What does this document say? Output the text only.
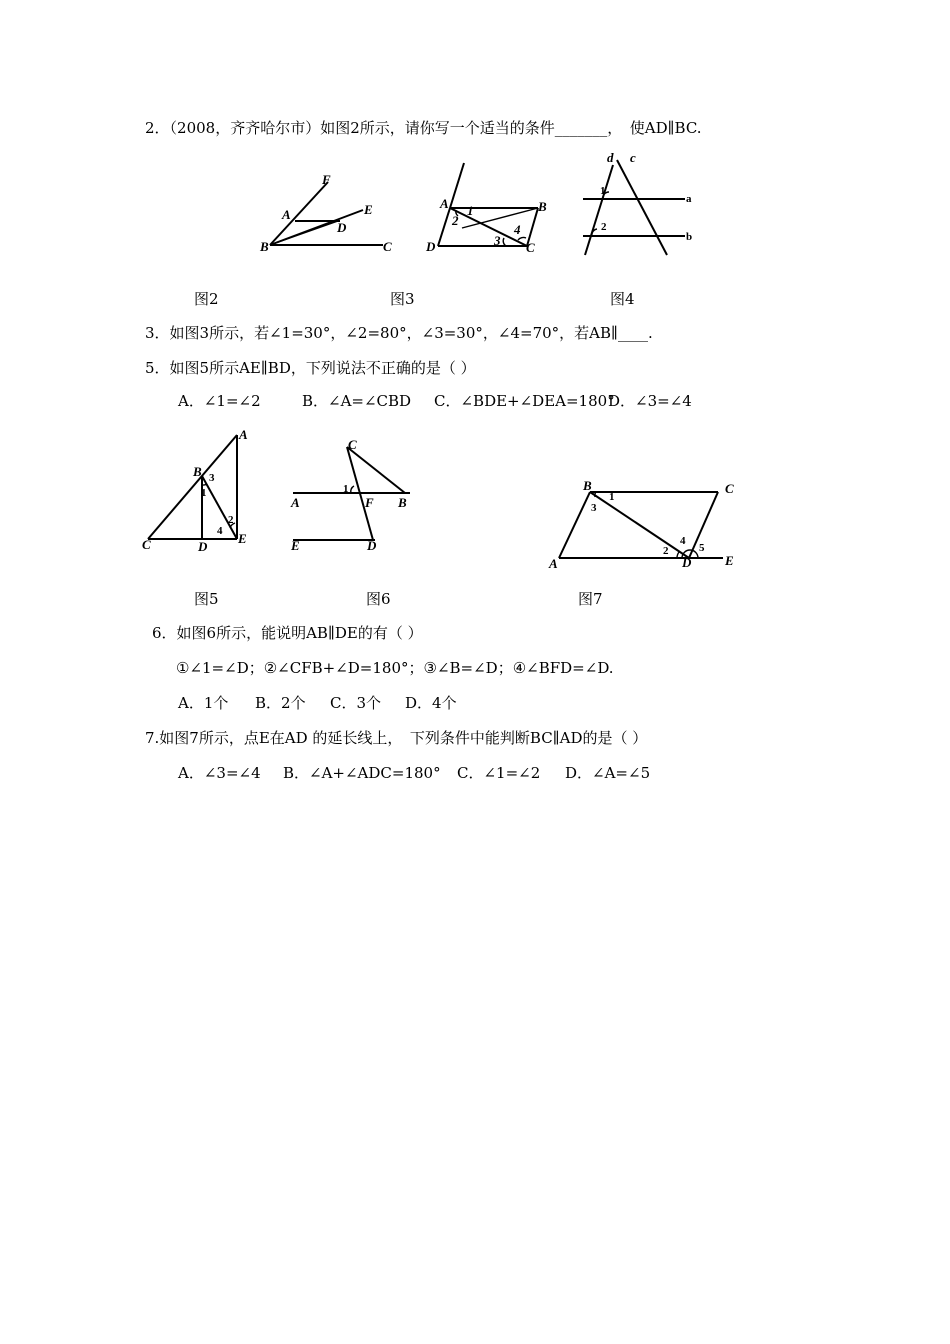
2．（2008，齐齐哈尔市）如图2所示，请你写一个适当的条件_______，　使AD∥BC.
F
A	E
D
B	C
A	B
C
D
1
2
3
4
d c
a
b
1
2
图2	图3	图4
3．如图3所示，若∠1=30°，∠2=80°，∠3=30°，∠4=70°，若AB∥____.
5．如图5所示AE∥BD，下列说法不正确的是（ ）
A．∠1=∠2	B．∠A=∠CBD C．∠BDE+∠DEA=180°
D．∠3=∠4
A
B
C	D
E
1
2
3
4
C
A	F B
E	D
1	B	C
A	D	E
1
2
3
4
5
图5	图6	图7
6．如图6所示，能说明AB∥DE的有（ ）
①∠1=∠D；②∠CFB+∠D=180°；③∠B=∠D；④∠BFD=∠D.
A．1个 B．2个 C．3个 D．4个
7.如图7所示，点E在AD 的延长线上，　下列条件中能判断BC∥AD的是（ ）
A．∠3=∠4 B．∠A+∠ADC=180° C．∠1=∠2 D．∠A=∠5
